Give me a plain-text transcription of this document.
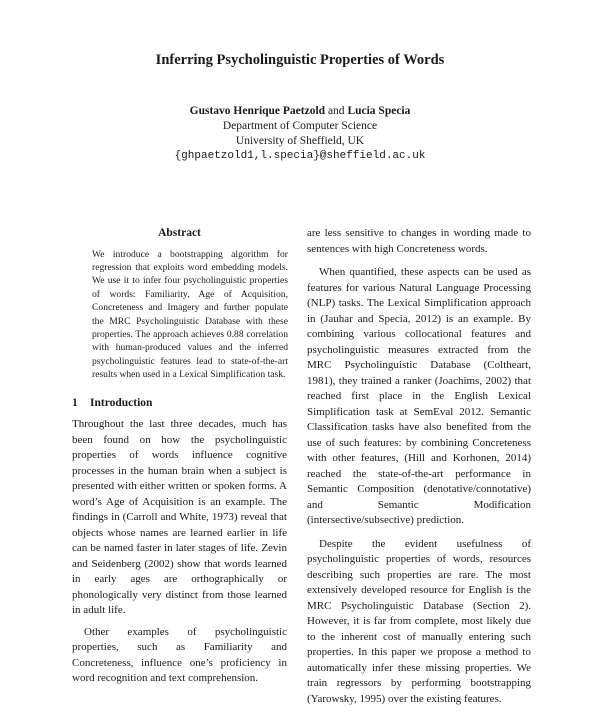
Inferring Psycholinguistic Properties of Words
Gustavo Henrique Paetzold and Lucia Specia
Department of Computer Science
University of Sheffield, UK
{ghpaetzold1,l.specia}@sheffield.ac.uk
Abstract

We introduce a bootstrapping algorithm for regression that exploits word embedding models. We use it to infer four psycholinguistic properties of words: Familiarity, Age of Acquisition, Concreteness and Imagery and further populate the MRC Psycholinguistic Database with these properties. The approach achieves 0.88 correlation with human-produced values and the inferred psycholinguistic features lead to state-of-the-art results when used in a Lexical Simplification task.

1 Introduction

Throughout the last three decades, much has been found on how the psycholinguistic properties of words influence cognitive processes in the human brain when a subject is presented with either written or spoken forms. A word’s Age of Acquisition is an example. The findings in (Carroll and White, 1973) reveal that objects whose names are learned earlier in life can be named faster in later stages of life. Zevin and Seidenberg (2002) show that words learned in early ages are orthographically or phonologically very distinct from those learned in adult life.

Other examples of psycholinguistic properties, such as Familiarity and Concreteness, influence one’s proficiency in word recognition and text comprehension.

are less sensitive to changes in wording made to sentences with high Concreteness words.

When quantified, these aspects can be used as features for various Natural Language Processing (NLP) tasks. The Lexical Simplification approach in (Jauhar and Specia, 2012) is an example. By combining various collocational features and psycholinguistic measures extracted from the MRC Psycholinguistic Database (Coltheart, 1981), they trained a ranker (Joachims, 2002) that reached first place in the English Lexical Simplification task at SemEval 2012. Semantic Classification tasks have also benefited from the use of such features: by combining Concreteness with other features, (Hill and Korhonen, 2014) reached the state-of-the-art performance in Semantic Composition (denotative/connotative) and Semantic Modification (intersective/subsective) prediction.

Despite the evident usefulness of psycholinguistic properties of words, resources describing such properties are rare. The most extensively developed resource for English is the MRC Psycholinguistic Database (Section 2). However, it is far from complete, most likely due to the inherent cost of manually entering such properties. In this paper we propose a method to automatically infer these missing properties. We train regressors by performing bootstrapping (Yarowsky, 1995) over the existing features.
